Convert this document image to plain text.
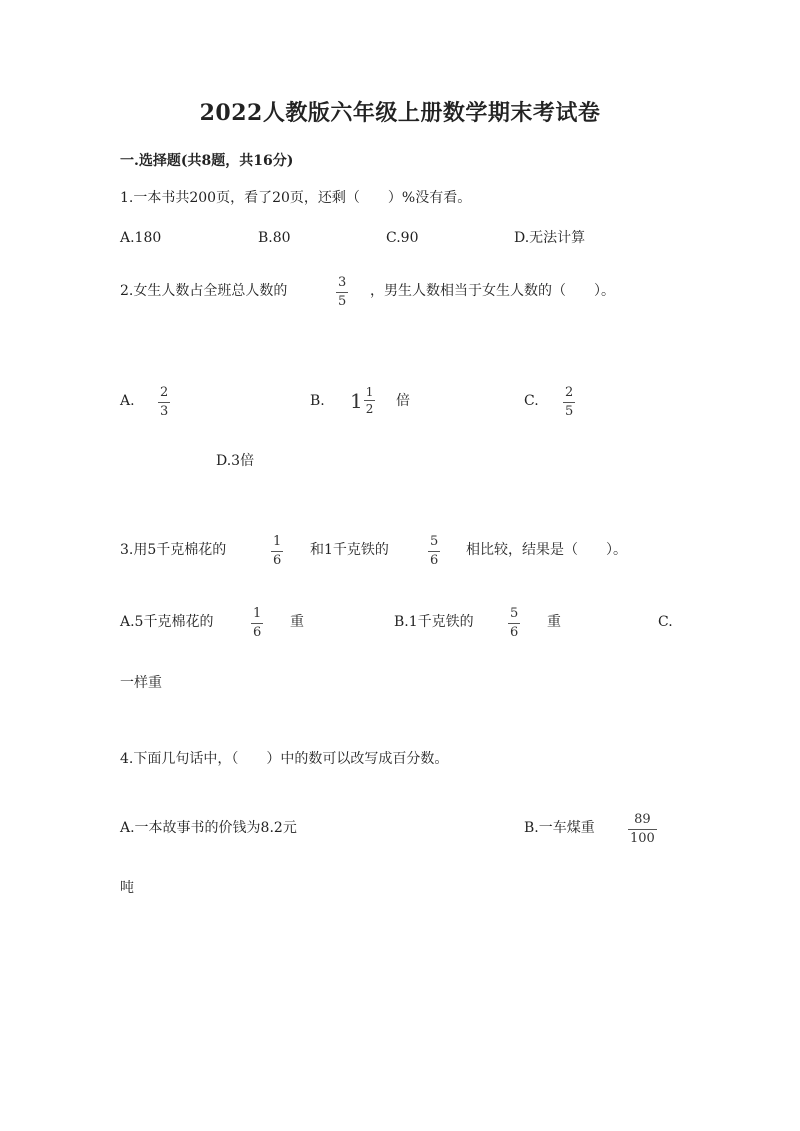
2022人教版六年级上册数学期末考试卷
一.选择题(共8题，共16分)
1.一本书共200页，看了20页，还剩（　　）%没有看。
A.180	B.80	C.90	D.无法计算
2.女生人数占全班总人数的	$\frac{3}{5}$ ，男生人数相当于女生人数的（　　）。
A. $\frac{2}{3}$	B. $1 \frac{1}{2}$ 倍	C. $\frac{2}{5}$
D.3倍
3.用5千克棉花的	$\frac{1}{6}$ 和1千克铁的	$\frac{5}{6}$ 相比较，结果是（　　）。
A.5千克棉花的	$\frac{1}{6}$ 重	B.1千克铁的	$\frac{5}{6}$ 重	C.
一样重
4.下面几句话中，（　　）中的数可以改写成百分数。
A.一本故事书的价钱为8.2元	B.一车煤重	$\frac{89}{100}$
吨
